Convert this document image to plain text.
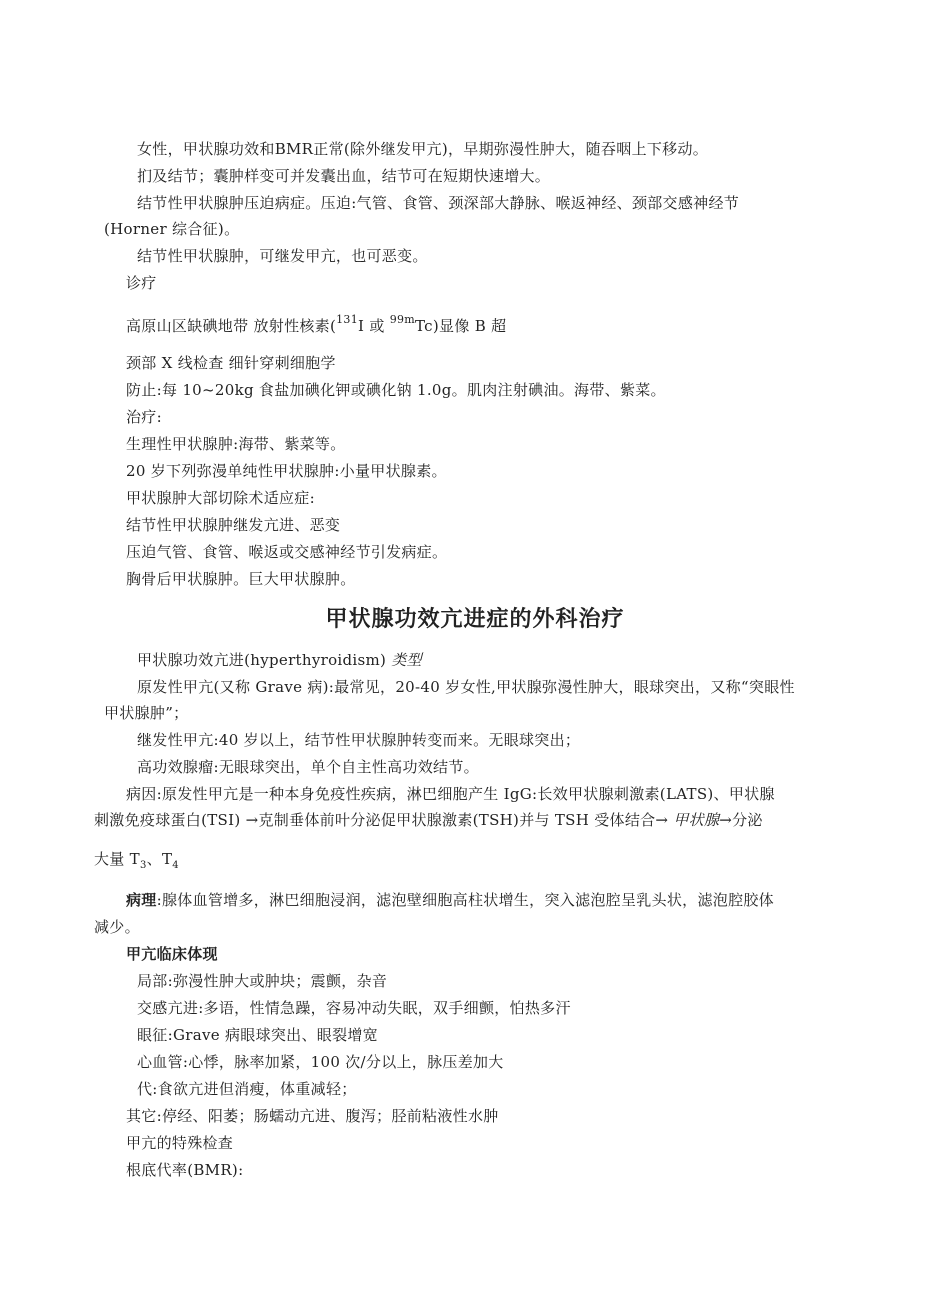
女性，甲状腺功效和BMR正常(除外继发甲亢)，早期弥漫性肿大，随吞咽上下移动。
扪及结节；囊肿样变可并发囊出血，结节可在短期快速增大。
结节性甲状腺肿压迫病症。压迫:气管、食管、颈深部大静脉、喉返神经、颈部交感神经节
(Horner 综合征)。
结节性甲状腺肿，可继发甲亢，也可恶变。
诊疗
高原山区缺碘地带 放射性核素($^{131}$I 或 $^{99m}$Tc)显像 B 超
颈部 X 线检查 细针穿刺细胞学
防止:每 10~20kg 食盐加碘化钾或碘化钠 1.0g。肌肉注射碘油。海带、紫菜。
治疗:
生理性甲状腺肿:海带、紫菜等。
20 岁下列弥漫单纯性甲状腺肿:小量甲状腺素。
甲状腺肿大部切除术适应症:
结节性甲状腺肿继发亢进、恶变
压迫气管、食管、喉返或交感神经节引发病症。
胸骨后甲状腺肿。巨大甲状腺肿。
甲状腺功效亢进症的外科治疗
甲状腺功效亢进(hyperthyroidism) 类型
原发性甲亢(又称 Grave 病):最常见，20-40 岁女性,甲状腺弥漫性肿大，眼球突出，又称“突眼性
甲状腺肿”；
继发性甲亢:40 岁以上，结节性甲状腺肿转变而来。无眼球突出；
高功效腺瘤:无眼球突出，单个自主性高功效结节。
病因:原发性甲亢是一种本身免疫性疾病，淋巴细胞产生 IgG:长效甲状腺刺激素(LATS)、甲状腺
刺激免疫球蛋白(TSI) →克制垂体前叶分泌促甲状腺激素(TSH)并与 TSH 受体结合→ 甲状腺→分泌
大量 $T_3$、$T_4$
病理:腺体血管增多，淋巴细胞浸润，滤泡壁细胞高柱状增生，突入滤泡腔呈乳头状，滤泡腔胶体
减少。
甲亢临床体现
局部:弥漫性肿大或肿块；震颤，杂音
交感亢进:多语，性情急躁，容易冲动失眠，双手细颤，怕热多汗
眼征:Grave 病眼球突出、眼裂增宽
心血管:心悸，脉率加紧，100 次/分以上，脉压差加大
代:食欲亢进但消瘦，体重减轻；
其它:停经、阳萎；肠蠕动亢进、腹泻；胫前粘液性水肿
甲亢的特殊检查
根底代率(BMR):
